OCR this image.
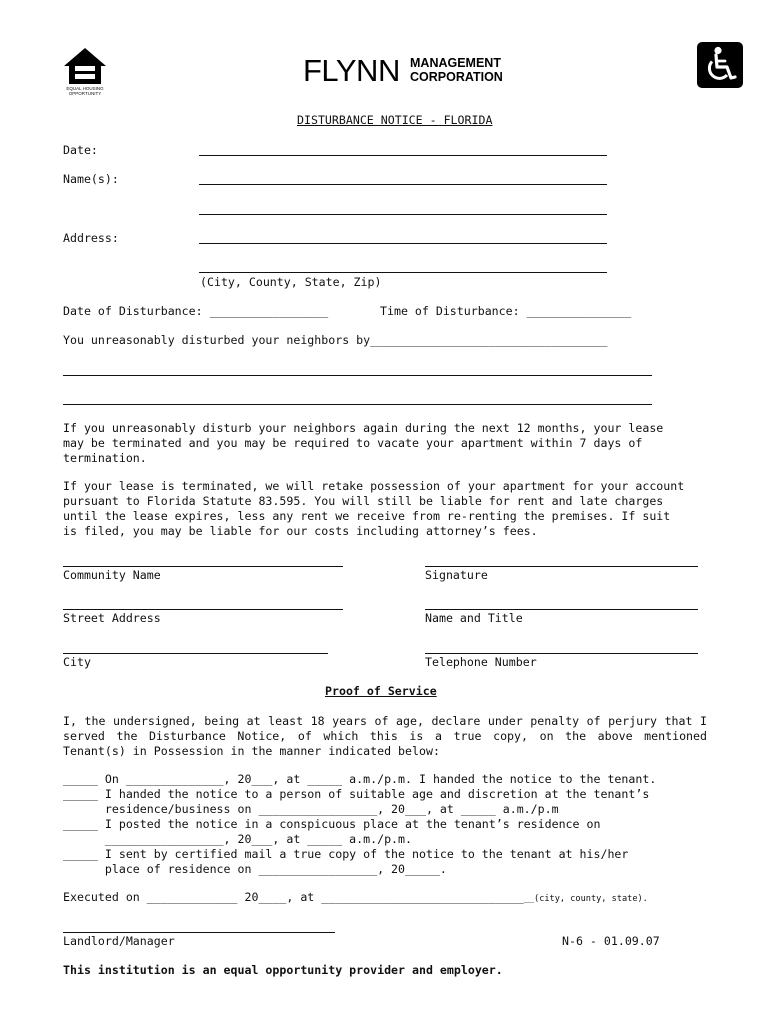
EQUAL HOUSING OPPORTUNITY
FLYNN MANAGEMENT
CORPORATION
DISTURBANCE NOTICE - FLORIDA
Date:
Name(s):
Address:
(City, County, State, Zip)
Date of Disturbance: _________________	Time of Disturbance: _______________
You unreasonably disturbed your neighbors by__________________________________
If you unreasonably disturb your neighbors again during the next 12 months, your lease may be terminated and you may be required to vacate your apartment within 7 days of termination.
If your lease is terminated, we will retake possession of your apartment for your account pursuant to Florida Statute 83.595. You will still be liable for rent and late charges until the lease expires, less any rent we receive from re-renting the premises. If suit is filed, you may be liable for our costs including attorney’s fees.
Community Name	Signature
Street Address	Name and Title
City	Telephone Number
Proof of Service
I, the undersigned, being at least 18 years of age, declare under penalty of perjury that I served the Disturbance Notice, of which this is a true copy, on the above mentioned Tenant(s) in Possession in the manner indicated below:
_____ On ______________, 20___, at _____ a.m./p.m. I handed the notice to the tenant.
_____ I handed the notice to a person of suitable age and discretion at the tenant’s
residence/business on _________________, 20___, at _____ a.m./p.m
_____ I posted the notice in a conspicuous place at the tenant’s residence on
_________________, 20___, at _____ a.m./p.m.
_____ I sent by certified mail a true copy of the notice to the tenant at his/her
place of residence on _________________, 20_____.
Executed on _____________ 20____, at _______________________________(city, county, state).
Landlord/Manager	N-6 - 01.09.07
This institution is an equal opportunity provider and employer.
